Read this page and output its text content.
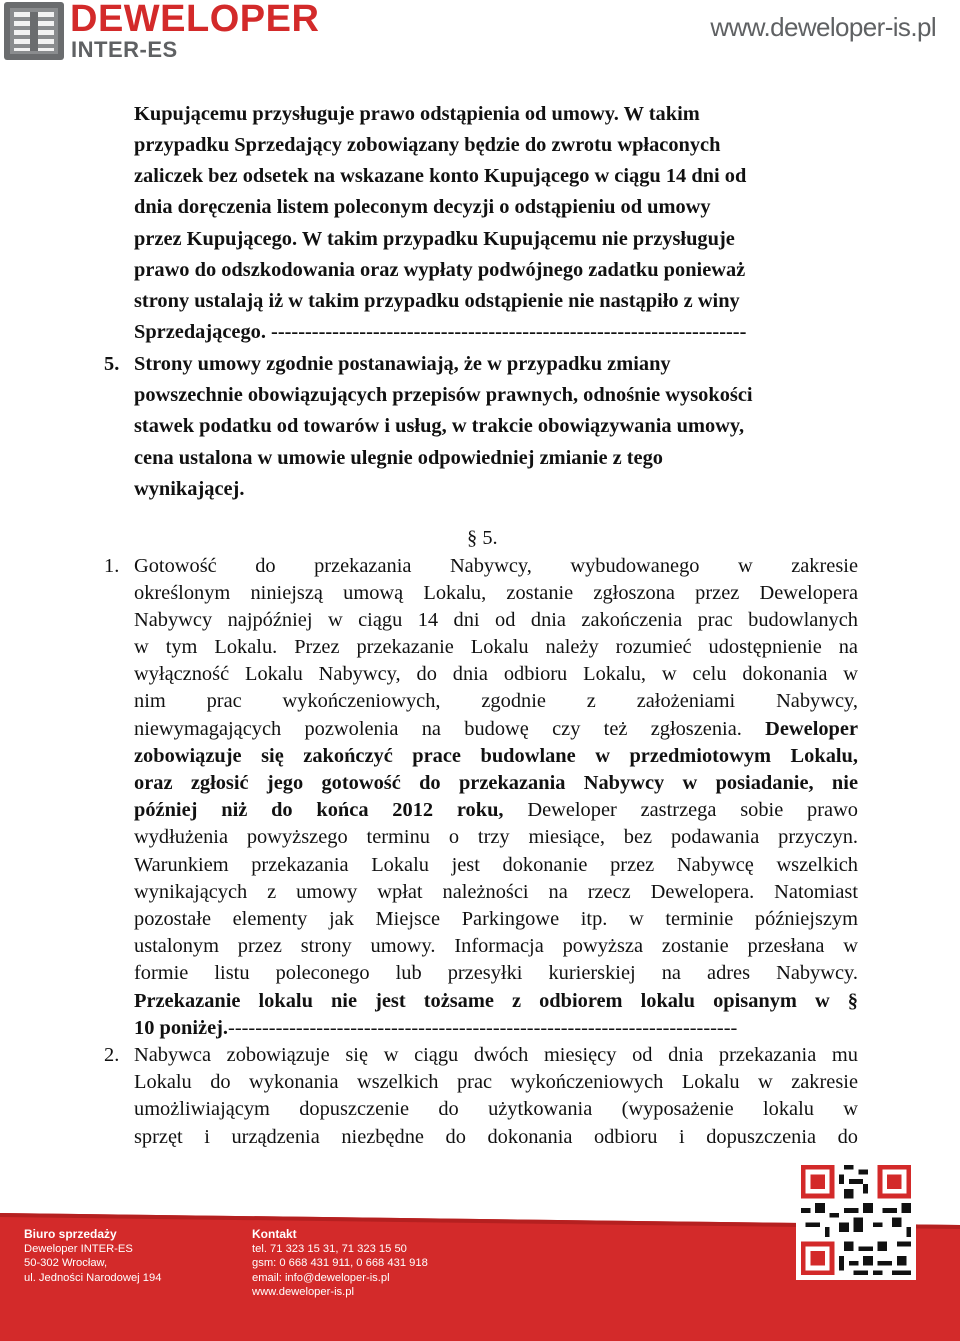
DEWELOPER
INTER-ES
www.deweloper-is.pl
Kupującemu przysługuje prawo odstąpienia od umowy. W takim
przypadku Sprzedający zobowiązany będzie do zwrotu wpłaconych
zaliczek bez odsetek na wskazane konto Kupującego w ciągu 14 dni od
dnia doręczenia listem poleconym decyzji o odstąpieniu od umowy
przez Kupującego. W takim przypadku Kupującemu nie przysługuje
prawo do odszkodowania oraz wypłaty podwójnego zadatku ponieważ
strony ustalają iż w takim przypadku odstąpienie nie nastąpiło z winy
Sprzedającego. ----------------------------------------------------------------------
5. Strony umowy zgodnie postanawiają, że w przypadku zmiany
powszechnie obowiązujących przepisów prawnych, odnośnie wysokości
stawek podatku od towarów i usług, w trakcie obowiązywania umowy,
cena ustalona w umowie ulegnie odpowiedniej zmianie z tego
wynikającej.
§ 5.
1. Gotowość do przekazania Nabywcy, wybudowanego w zakresie
określonym niniejszą umową Lokalu, zostanie zgłoszona przez Dewelopera
Nabywcy najpóźniej w ciągu 14 dni od dnia zakończenia prac budowlanych
w tym Lokalu. Przez przekazanie Lokalu należy rozumieć udostępnienie na
wyłączność Lokalu Nabywcy, do dnia odbioru Lokalu, w celu dokonania w
nim prac wykończeniowych, zgodnie z założeniami Nabywcy,
niewymagających pozwolenia na budowę czy też zgłoszenia. Deweloper
zobowiązuje się zakończyć prace budowlane w przedmiotowym Lokalu,
oraz zgłosić jego gotowość do przekazania Nabywcy w posiadanie, nie
później niż do końca 2012 roku, Deweloper zastrzega sobie prawo
wydłużenia powyższego terminu o trzy miesiące, bez podawania przyczyn.
Warunkiem przekazania Lokalu jest dokonanie przez Nabywcę wszelkich
wynikających z umowy wpłat należności na rzecz Dewelopera. Natomiast
pozostałe elementy jak Miejsce Parkingowe itp. w terminie późniejszym
ustalonym przez strony umowy. Informacja powyższa zostanie przesłana w
formie listu poleconego lub przesyłki kurierskiej na adres Nabywcy.
Przekazanie lokalu nie jest tożsame z odbiorem lokalu opisanym w §
10 poniżej.---------------------------------------------------------------------------
2. Nabywca zobowiązuje się w ciągu dwóch miesięcy od dnia przekazania mu
Lokalu do wykonania wszelkich prac wykończeniowych Lokalu w zakresie
umożliwiającym dopuszczenie do użytkowania (wyposażenie lokalu w
sprzęt i urządzenia niezbędne do dokonania odbioru i dopuszczenia do
Biuro sprzedaży
Deweloper INTER-ES
50-302 Wrocław,
ul. Jedności Narodowej 194
Kontakt
tel. 71 323 15 31, 71 323 15 50
gsm: 0 668 431 911, 0 668 431 918
email: info@deweloper-is.pl
www.deweloper-is.pl
